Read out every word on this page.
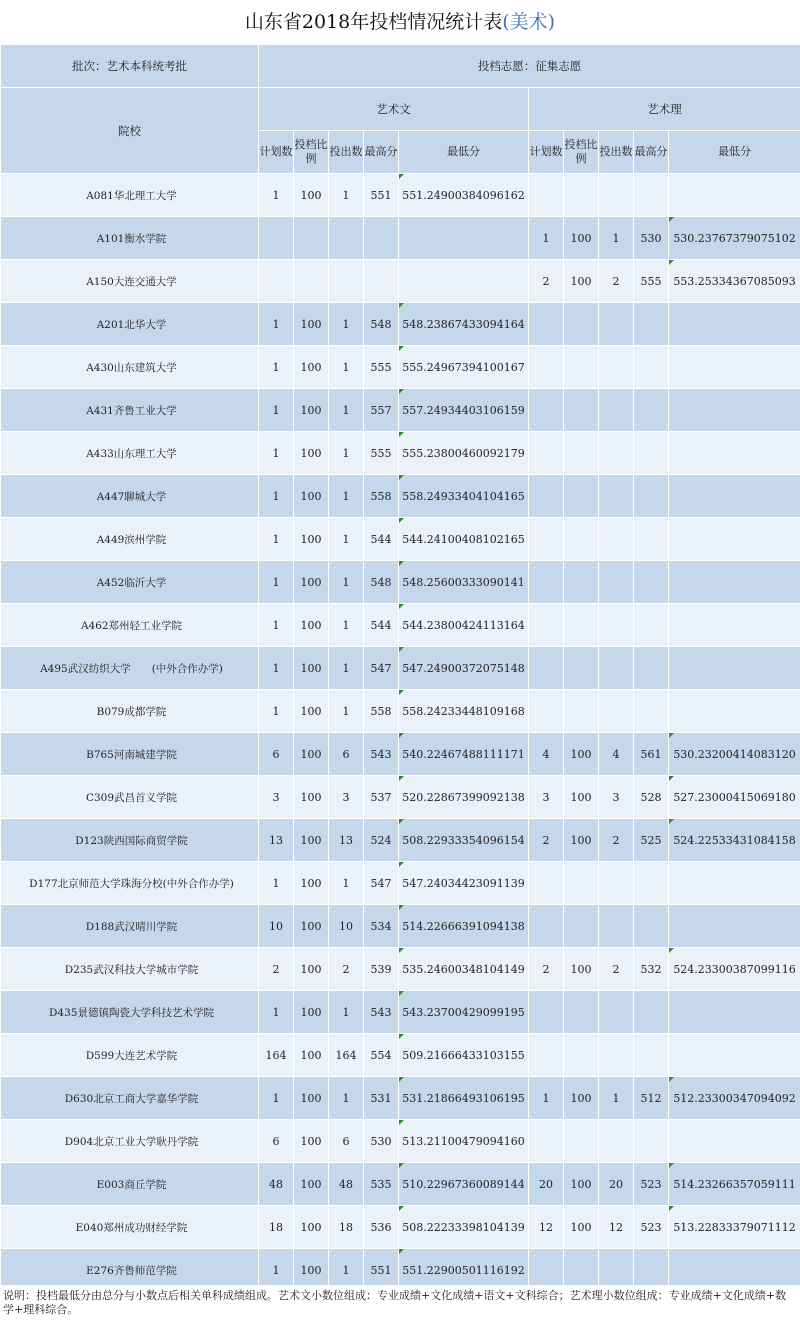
山东省2018年投档情况统计表(美术)
批次：艺术本科统考批	投档志愿：征集志愿									
院校	艺术文					艺术理				
	计划数	投档比例	投出数	最高分	最低分	计划数	投档比例	投出数	最高分	最低分
A081华北理工大学	1	100	1	551	551.24900384096162					
A101衡水学院						1	100	1	530	530.23767379075102
A150大连交通大学						2	100	2	555	553.25334367085093
A201北华大学	1	100	1	548	548.23867433094164					
A430山东建筑大学	1	100	1	555	555.24967394100167					
A431齐鲁工业大学	1	100	1	557	557.24934403106159					
A433山东理工大学	1	100	1	555	555.23800460092179					
A447聊城大学	1	100	1	558	558.24933404104165					
A449滨州学院	1	100	1	544	544.24100408102165					
A452临沂大学	1	100	1	548	548.25600333090141					
A462郑州轻工业学院	1	100	1	544	544.23800424113164					
A495武汉纺织大学　　(中外合作办学)	1	100	1	547	547.24900372075148					
B079成都学院	1	100	1	558	558.24233448109168					
B765河南城建学院	6	100	6	543	540.22467488111171	4	100	4	561	530.23200414083120
C309武昌首义学院	3	100	3	537	520.22867399092138	3	100	3	528	527.23000415069180
D123陕西国际商贸学院	13	100	13	524	508.22933354096154	2	100	2	525	524.22533431084158
D177北京师范大学珠海分校(中外合作办学)	1	100	1	547	547.24034423091139					
D188武汉晴川学院	10	100	10	534	514.22666391094138					
D235武汉科技大学城市学院	2	100	2	539	535.24600348104149	2	100	2	532	524.23300387099116
D435景德镇陶瓷大学科技艺术学院	1	100	1	543	543.23700429099195					
D599大连艺术学院	164	100	164	554	509.21666433103155					
D630北京工商大学嘉华学院	1	100	1	531	531.21866493106195	1	100	1	512	512.23300347094092
D904北京工业大学耿丹学院	6	100	6	530	513.21100479094160					
E003商丘学院	48	100	48	535	510.22967360089144	20	100	20	523	514.23266357059111
E040郑州成功财经学院	18	100	18	536	508.22233398104139	12	100	12	523	513.22833379071112
E276齐鲁师范学院	1	100	1	551	551.22900501116192					
说明：投档最低分由总分与小数点后相关单科成绩组成。艺术文小数位组成：专业成绩+文化成绩+语文+文科综合；艺术理小数位组成：专业成绩+文化成绩+数学+理科综合。
